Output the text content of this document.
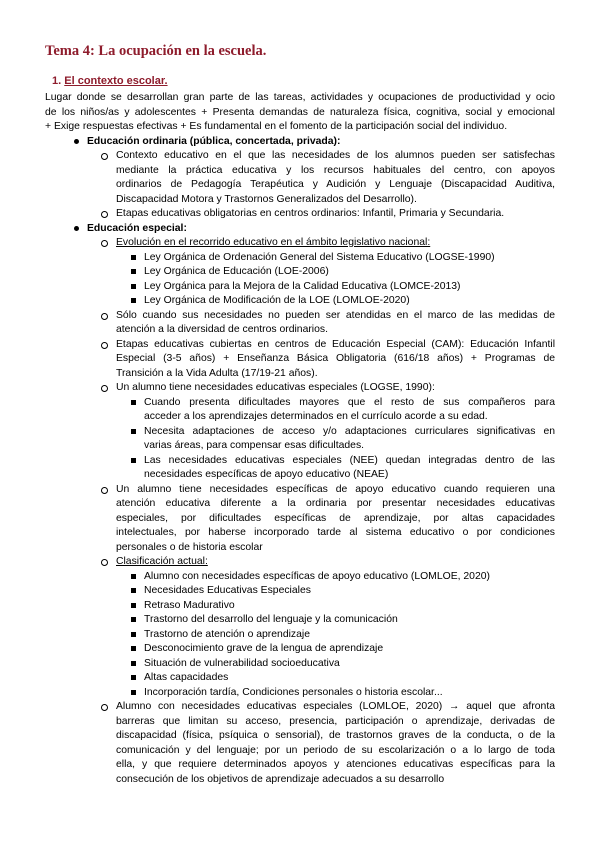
Tema 4: La ocupación en la escuela.
1. El contexto escolar.
Lugar donde se desarrollan gran parte de las tareas, actividades y ocupaciones de productividad y ocio
de los niños/as y adolescentes + Presenta demandas de naturaleza física, cognitiva, social y emocional
+ Exige respuestas efectivas + Es fundamental en el fomento de la participación social del individuo.
Educación ordinaria (pública, concertada, privada):
Contexto educativo en el que las necesidades de los alumnos pueden ser satisfechas
mediante la práctica educativa y los recursos habituales del centro, con apoyos
ordinarios de Pedagogía Terapéutica y Audición y Lenguaje (Discapacidad Auditiva,
Discapacidad Motora y Trastornos Generalizados del Desarrollo).
Etapas educativas obligatorias en centros ordinarios: Infantil, Primaria y Secundaria.
Educación especial:
Evolución en el recorrido educativo en el ámbito legislativo nacional:
Ley Orgánica de Ordenación General del Sistema Educativo (LOGSE-1990)
Ley Orgánica de Educación (LOE-2006)
Ley Orgánica para la Mejora de la Calidad Educativa (LOMCE-2013)
Ley Orgánica de Modificación de la LOE (LOMLOE-2020)
Sólo cuando sus necesidades no pueden ser atendidas en el marco de las medidas de
atención a la diversidad de centros ordinarios.
Etapas educativas cubiertas en centros de Educación Especial (CAM): Educación Infantil
Especial (3-5 años) + Enseñanza Básica Obligatoria (616/18 años) + Programas de
Transición a la Vida Adulta (17/19-21 años).
Un alumno tiene necesidades educativas especiales (LOGSE, 1990):
Cuando presenta dificultades mayores que el resto de sus compañeros para
acceder a los aprendizajes determinados en el currículo acorde a su edad.
Necesita adaptaciones de acceso y/o adaptaciones curriculares significativas en
varias áreas, para compensar esas dificultades.
Las necesidades educativas especiales (NEE) quedan integradas dentro de las
necesidades específicas de apoyo educativo (NEAE)
Un alumno tiene necesidades específicas de apoyo educativo cuando requieren una
atención educativa diferente a la ordinaria por presentar necesidades educativas
especiales, por dificultades específicas de aprendizaje, por altas capacidades
intelectuales, por haberse incorporado tarde al sistema educativo o por condiciones
personales o de historia escolar
Clasificación actual:
Alumno con necesidades específicas de apoyo educativo (LOMLOE, 2020)
Necesidades Educativas Especiales
Retraso Madurativo
Trastorno del desarrollo del lenguaje y la comunicación
Trastorno de atención o aprendizaje
Desconocimiento grave de la lengua de aprendizaje
Situación de vulnerabilidad socioeducativa
Altas capacidades
Incorporación tardía, Condiciones personales o historia escolar...
Alumno con necesidades educativas especiales (LOMLOE, 2020) → aquel que afronta
barreras que limitan su acceso, presencia, participación o aprendizaje, derivadas de
discapacidad (física, psíquica o sensorial), de trastornos graves de la conducta, o de la
comunicación y del lenguaje; por un periodo de su escolarización o a lo largo de toda
ella, y que requiere determinados apoyos y atenciones educativas específicas para la
consecución de los objetivos de aprendizaje adecuados a su desarrollo
